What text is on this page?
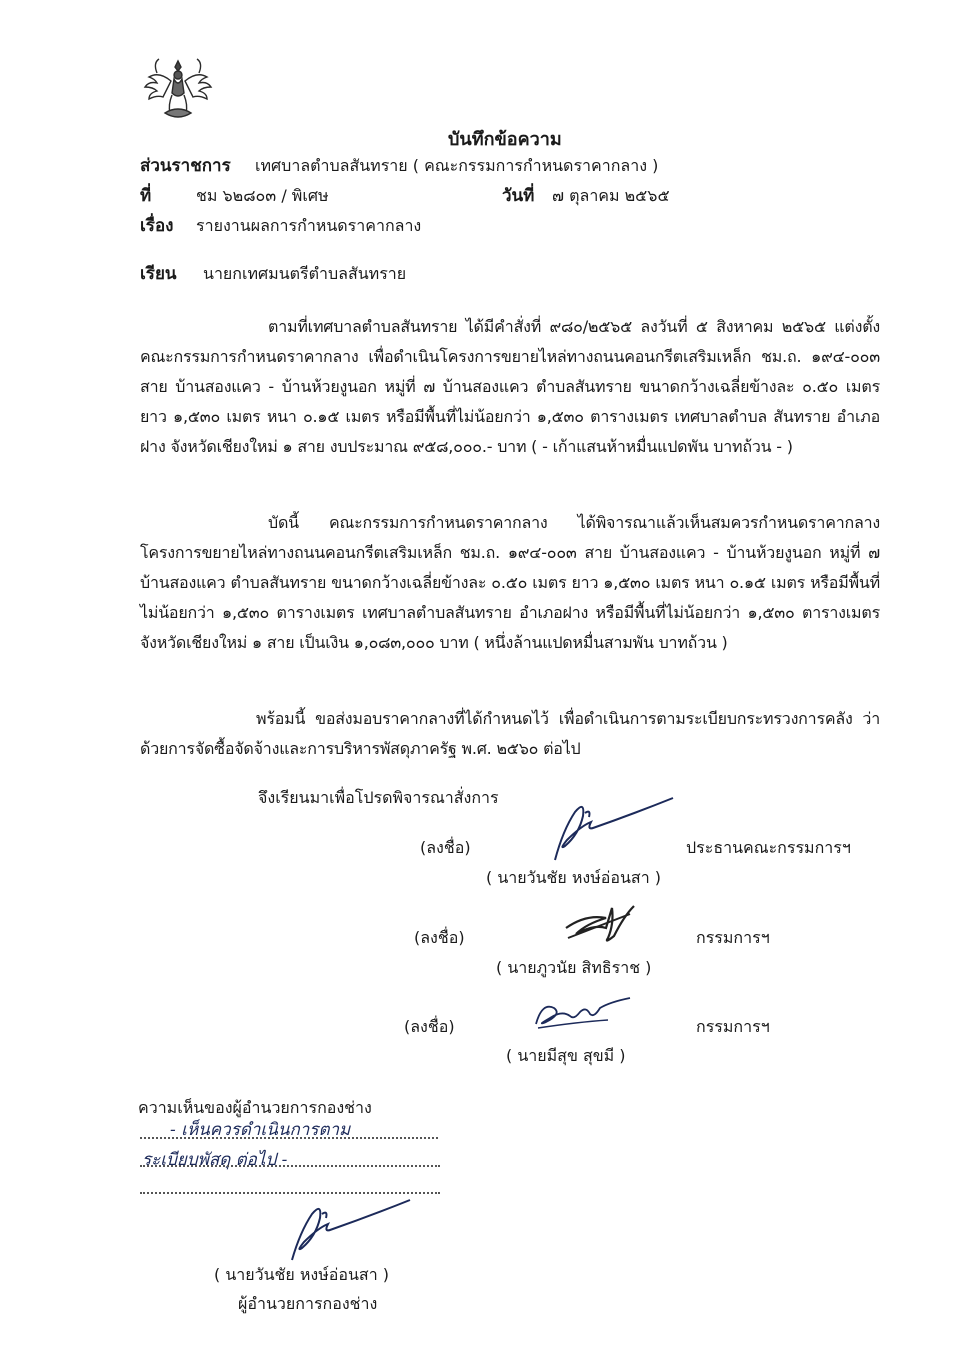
บันทึกข้อความ
ส่วนราชการ เทศบาลตำบลสันทราย ( คณะกรรมการกำหนดราคากลาง )
ที่	ชม ๖๒๘๐๓ / พิเศษ	วันที่ ๗ ตุลาคม ๒๕๖๕
เรื่อง รายงานผลการกำหนดราคากลาง
เรียน นายกเทศมนตรีตำบลสันทราย
ตามที่เทศบาลตำบลสันทราย ได้มีคำสั่งที่ ๙๘๐/๒๕๖๕ ลงวันที่ ๕ สิงหาคม ๒๕๖๕ แต่งตั้งคณะกรรมการกำหนดราคากลาง เพื่อดำเนินโครงการขยายไหล่ทางถนนคอนกรีตเสริมเหล็ก ชม.ถ. ๑๙๔-๐๐๓ สาย บ้านสองแคว - บ้านห้วยงูนอก หมู่ที่ ๗ บ้านสองแคว ตำบลสันทราย ขนาดกว้างเฉลี่ยข้างละ ๐.๕๐ เมตร ยาว ๑,๕๓๐ เมตร หนา ๐.๑๕ เมตร หรือมีพื้นที่ไม่น้อยกว่า ๑,๕๓๐ ตารางเมตร เทศบาลตำบล สันทราย อำเภอฝาง จังหวัดเชียงใหม่ ๑ สาย งบประมาณ ๙๕๘,๐๐๐.- บาท ( - เก้าแสนห้าหมื่นแปดพัน บาทถ้วน - )
บัดนี้ คณะกรรมการกำหนดราคากลาง ได้พิจารณาแล้วเห็นสมควรกำหนดราคากลาง โครงการขยายไหล่ทางถนนคอนกรีตเสริมเหล็ก ชม.ถ. ๑๙๔-๐๐๓ สาย บ้านสองแคว - บ้านห้วยงูนอก หมู่ที่ ๗ บ้านสองแคว ตำบลสันทราย ขนาดกว้างเฉลี่ยข้างละ ๐.๕๐ เมตร ยาว ๑,๕๓๐ เมตร หนา ๐.๑๕ เมตร หรือมีพื้นที่ไม่น้อยกว่า ๑,๕๓๐ ตารางเมตร เทศบาลตำบลสันทราย อำเภอฝาง หรือมีพื้นที่ไม่น้อยกว่า ๑,๕๓๐ ตารางเมตร จังหวัดเชียงใหม่ ๑ สาย เป็นเงิน ๑,๐๘๓,๐๐๐ บาท ( หนึ่งล้านแปดหมื่นสามพัน บาทถ้วน )
พร้อมนี้ ขอส่งมอบราคากลางที่ได้กำหนดไว้ เพื่อดำเนินการตามระเบียบกระทรวงการคลัง ว่าด้วยการจัดซื้อจัดจ้างและการบริหารพัสดุภาครัฐ พ.ศ. ๒๕๖๐ ต่อไป
จึงเรียนมาเพื่อโปรดพิจารณาสั่งการ
(ลงชื่อ)
( นายวันชัย หงษ์อ่อนสา )
ประธานคณะกรรมการฯ
(ลงชื่อ)
( นายภูวนัย สิทธิราช )
กรรมการฯ
(ลงชื่อ)
( นายมีสุข สุขมี )
กรรมการฯ
ความเห็นของผู้อำนวยการกองช่าง
- เห็นควรดำเนินการตาม
ระเบียบพัสดุ ต่อไป -
( นายวันชัย หงษ์อ่อนสา )
ผู้อำนวยการกองช่าง
